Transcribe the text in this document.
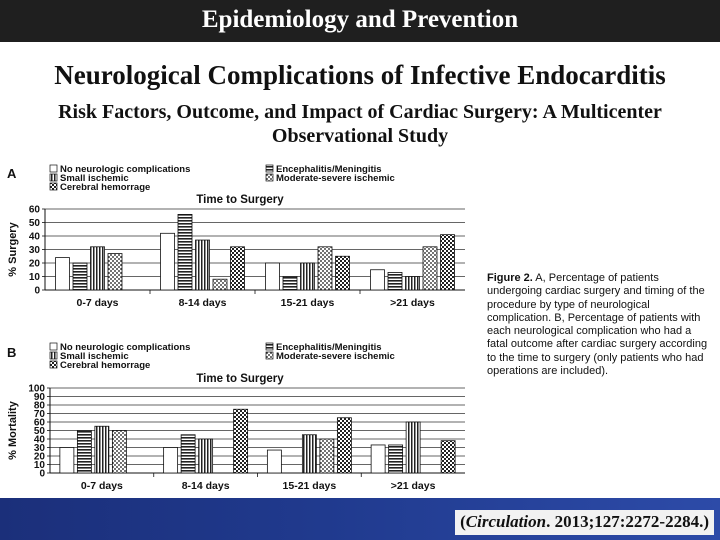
Epidemiology and Prevention
Neurological Complications of Infective Endocarditis
Risk Factors, Outcome, and Impact of Cardiac Surgery: A Multicenter
Observational Study
A	No neurologic complications
Small ischemic
Cerebral hemorrage
Encephalitis/Meningitis
Moderate-severe ischemic
Time to Surgery
0
10
20
30
40
50
60
% Surgery
0-7 days	8-14 days	15-21 days	>21 days
B	No neurologic complications
Small ischemic
Cerebral hemorrage
Encephalitis/Meningitis
Moderate-severe ischemic
Time to Surgery
0
10
20
30
40
50
60
70
80
90
100
% Mortality
0-7 days	8-14 days	15-21 days	>21 days
Figure 2. A, Percentage of patients undergoing cardiac surgery and timing of the procedure by type of neurological complication. B, Percentage of patients with each neurological complication who had a fatal outcome after cardiac surgery according to the time to surgery (only patients who had operations are included).
(Circulation. 2013;127:2272-2284.)
